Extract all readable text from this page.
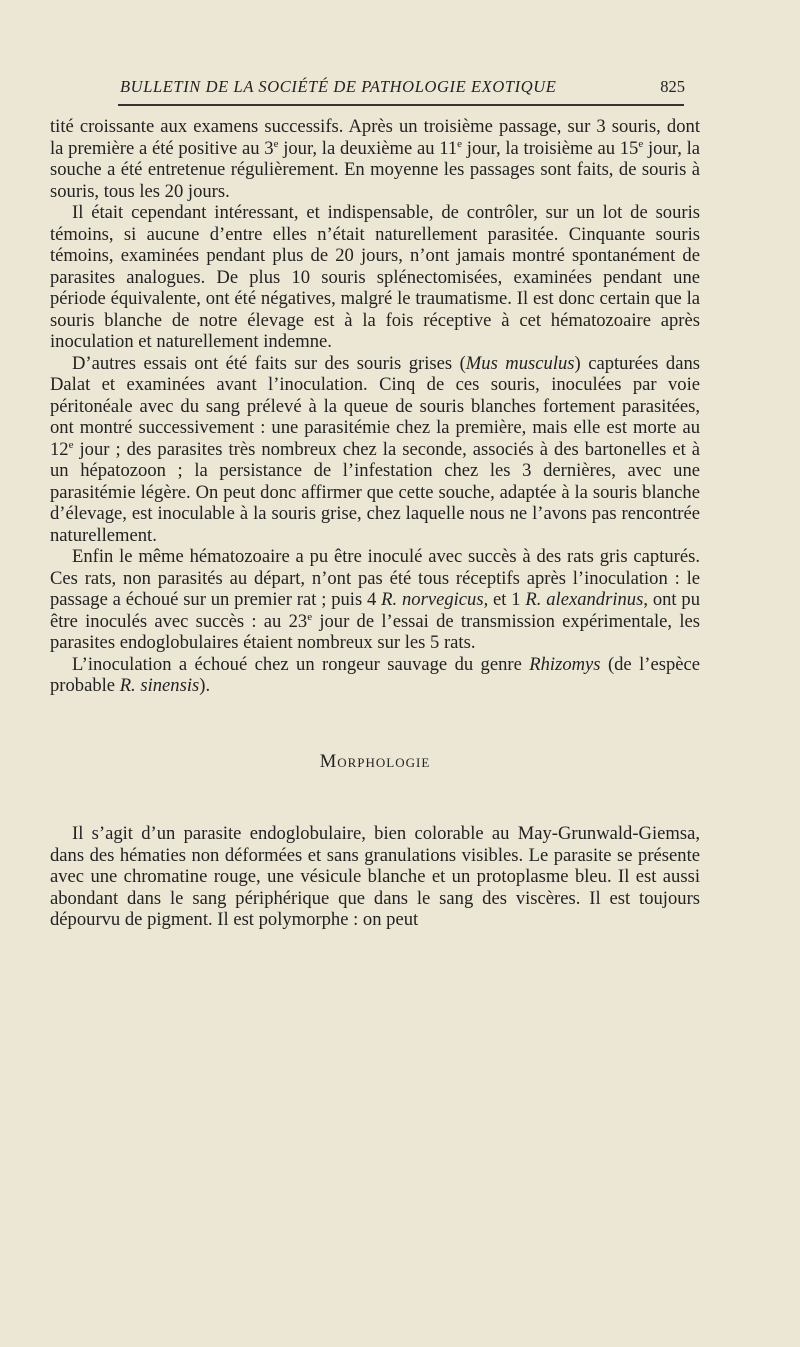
BULLETIN DE LA SOCIÉTÉ DE PATHOLOGIE EXOTIQUE	825

tité croissante aux examens successifs. Après un troisième passage, sur 3 souris, dont la première a été positive au 3e jour, la deuxième au 11e jour, la troisième au 15e jour, la souche a été entretenue régulièrement. En moyenne les passages sont faits, de souris à souris, tous les 20 jours.

Il était cependant intéressant, et indispensable, de contrôler, sur un lot de souris témoins, si aucune d’entre elles n’était naturellement parasitée. Cinquante souris témoins, examinées pendant plus de 20 jours, n’ont jamais montré spontanément de parasites analogues. De plus 10 souris splénectomisées, examinées pendant une période équivalente, ont été négatives, malgré le traumatisme. Il est donc certain que la souris blanche de notre élevage est à la fois réceptive à cet hématozoaire après inoculation et naturellement indemne.

D’autres essais ont été faits sur des souris grises (Mus musculus) capturées dans Dalat et examinées avant l’inoculation. Cinq de ces souris, inoculées par voie péritonéale avec du sang prélevé à la queue de souris blanches fortement parasitées, ont montré successivement : une parasitémie chez la première, mais elle est morte au 12e jour ; des parasites très nombreux chez la seconde, associés à des bartonelles et à un hépatozoon ; la persistance de l’infestation chez les 3 dernières, avec une parasitémie légère. On peut donc affirmer que cette souche, adaptée à la souris blanche d’élevage, est inoculable à la souris grise, chez laquelle nous ne l’avons pas rencontrée naturellement.

Enfin le même hématozoaire a pu être inoculé avec succès à des rats gris capturés. Ces rats, non parasités au départ, n’ont pas été tous réceptifs après l’inoculation : le passage a échoué sur un premier rat ; puis 4 R. norvegicus, et 1 R. alexandrinus, ont pu être inoculés avec succès : au 23e jour de l’essai de transmission expérimentale, les parasites endoglobulaires étaient nombreux sur les 5 rats.

L’inoculation a échoué chez un rongeur sauvage du genre Rhizomys (de l’espèce probable R. sinensis).

Morphologie

Il s’agit d’un parasite endoglobulaire, bien colorable au May-Grunwald-Giemsa, dans des hématies non déformées et sans granulations visibles. Le parasite se présente avec une chromatine rouge, une vésicule blanche et un protoplasme bleu. Il est aussi abondant dans le sang périphérique que dans le sang des viscères. Il est toujours dépourvu de pigment. Il est polymorphe : on peut
